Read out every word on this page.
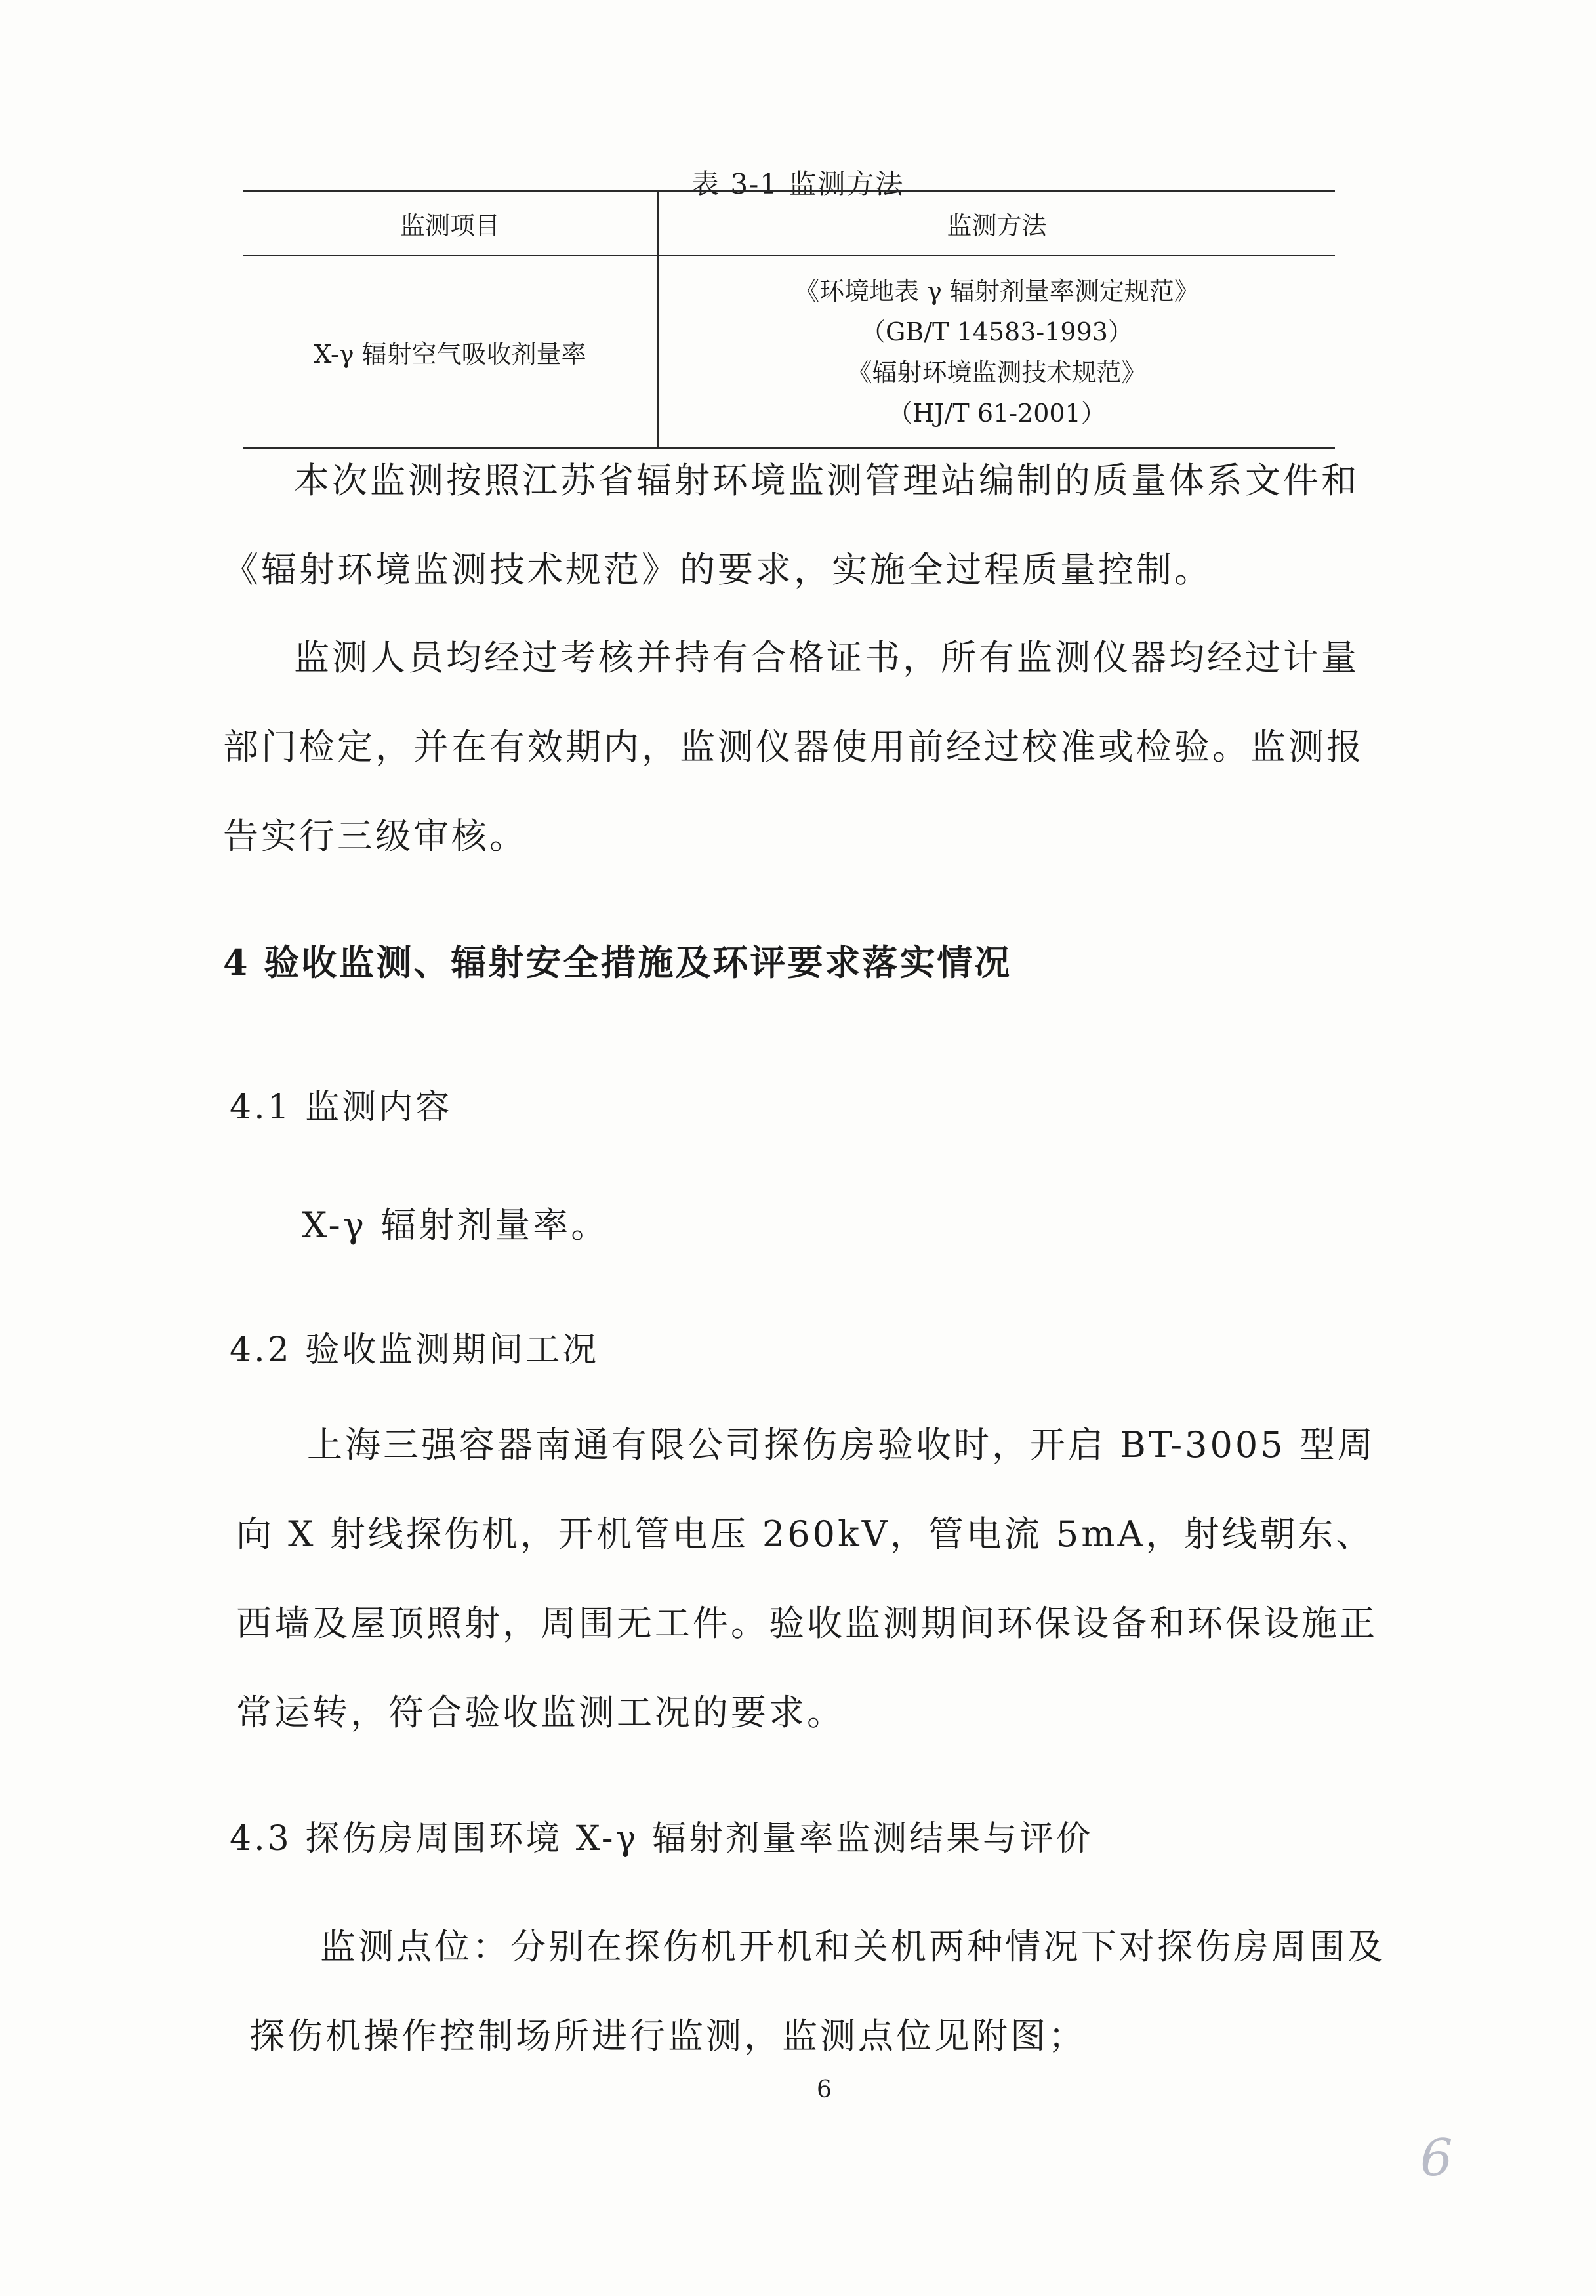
表 3-1 监测方法
监测项目	监测方法
X-γ 辐射空气吸收剂量率	《环境地表 γ 辐射剂量率测定规范》
（GB/T 14583-1993）
《辐射环境监测技术规范》
（HJ/T 61-2001）

本次监测按照江苏省辐射环境监测管理站编制的质量体系文件和《辐射环境监测技术规范》的要求，实施全过程质量控制。

监测人员均经过考核并持有合格证书，所有监测仪器均经过计量部门检定，并在有效期内，监测仪器使用前经过校准或检验。监测报告实行三级审核。

4 验收监测、辐射安全措施及环评要求落实情况
4.1 监测内容

X-γ 辐射剂量率。

4.2 验收监测期间工况

上海三强容器南通有限公司探伤房验收时，开启 BT-3005 型周向 X 射线探伤机，开机管电压 260kV，管电流 5mA，射线朝东、西墙及屋顶照射，周围无工件。验收监测期间环保设备和环保设施正常运转，符合验收监测工况的要求。

4.3 探伤房周围环境 X-γ 辐射剂量率监测结果与评价

监测点位：分别在探伤机开机和关机两种情况下对探伤房周围及探伤机操作控制场所进行监测，监测点位见附图；

6
6
